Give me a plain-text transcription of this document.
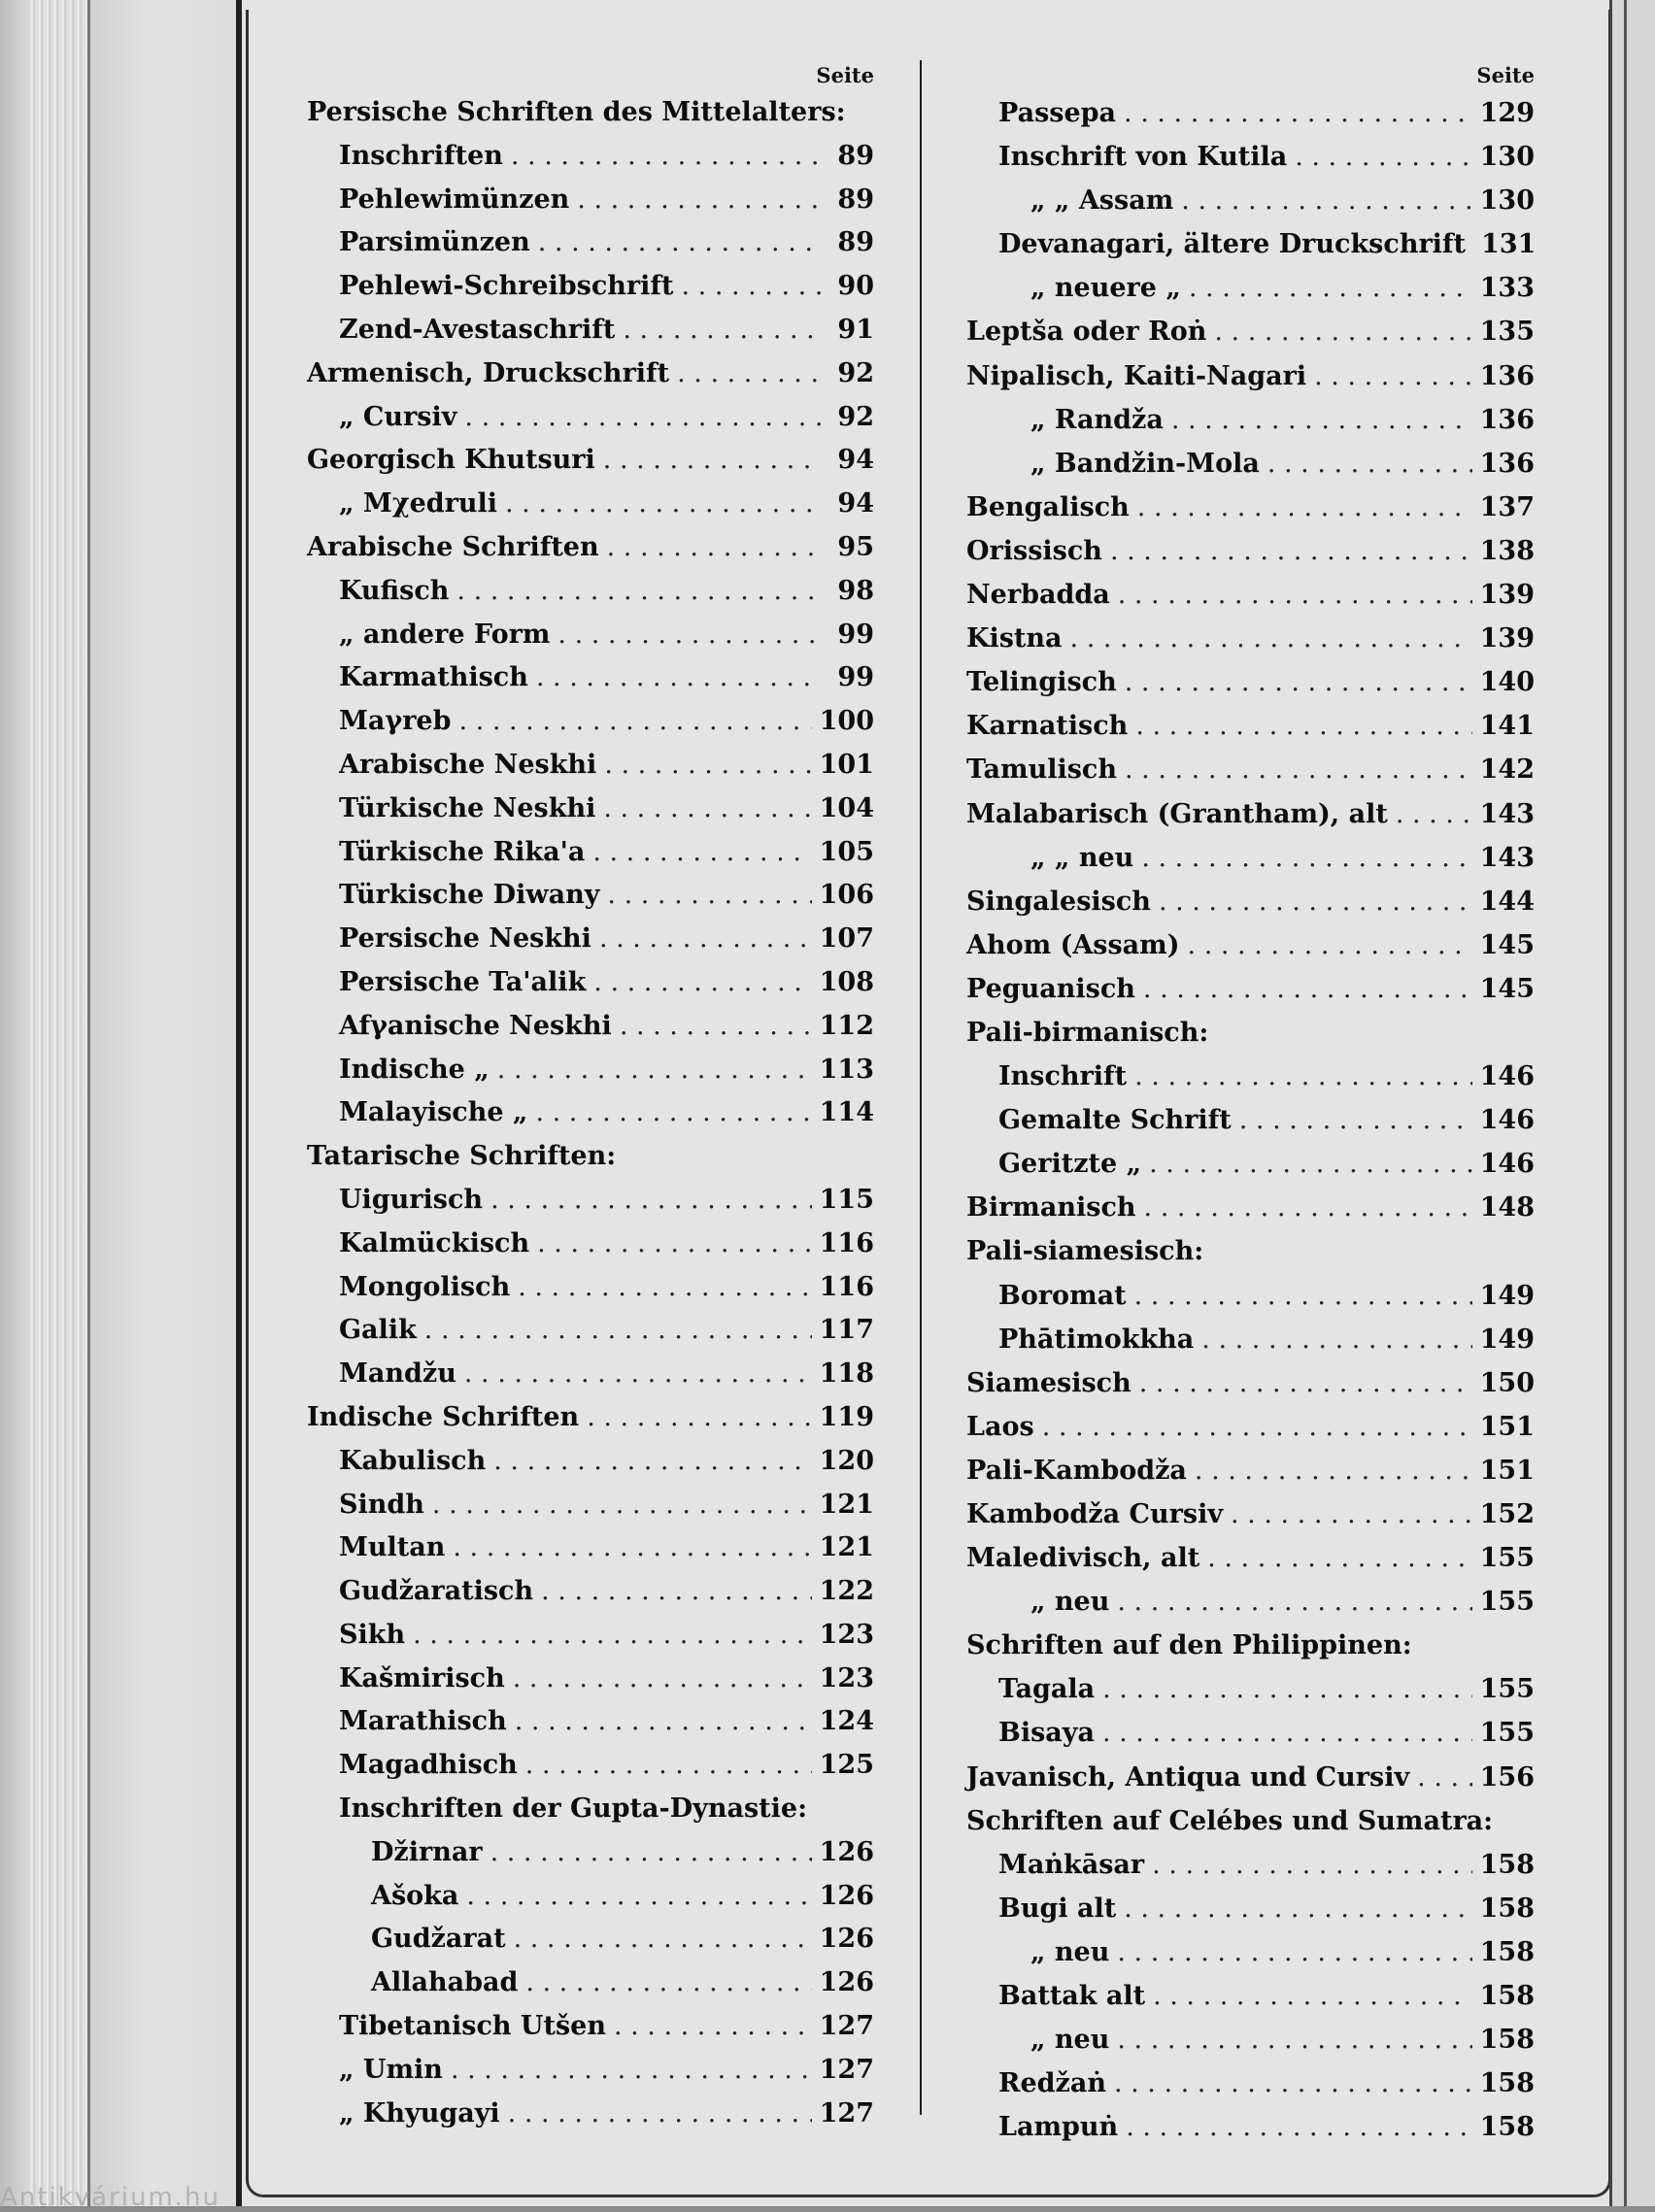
Seite
Persische Schriften des Mittelalters:
Inschriften . . .	89
Pehlewimünzen . . .	89
Parsimünzen . . .	89
Pehlewi-Schreibschrift . . .	90
Zend-Avestaschrift . . .	91
Armenisch, Druckschrift . . .	92
„ Cursiv . . .	92
Georgisch Khutsuri . . .	94
„ Mχedruli . . .	94
Arabische Schriften . . .	95
Kufisch . . .	98
„ andere Form . . .	99
Karmathisch . . .	99
Maγreb . . .	100
Arabische Neskhi . . .	101
Türkische Neskhi . . .	104
Türkische Rika'a . . .	105
Türkische Diwany . . .	106
Persische Neskhi . . .	107
Persische Ta'alik . . .	108
Afγanische Neskhi . . .	112
Indische „ . . .	113
Malayische „ . . .	114
Tatarische Schriften:
Uigurisch . . .	115
Kalmückisch . . .	116
Mongolisch . . .	116
Galik . . .	117
Mandžu . . .	118
Indische Schriften . . .	119
Kabulisch . . .	120
Sindh . . .	121
Multan . . .	121
Gudžaratisch . . .	122
Sikh . . .	123
Kašmirisch . . .	123
Marathisch . . .	124
Magadhisch . . .	125
Inschriften der Gupta-Dynastie:
Džirnar . . .	126
Ašoka . . .	126
Gudžarat . . .	126
Allahabad . . .	126
Tibetanisch Utšen . . .	127
„ Umin . . .	127
„ Khyugayi . . .	127
Seite
Passepa . . .	129
Inschrift von Kutila . . .	130
„ „ Assam . . .	130
Devanagari, ältere Druckschrift 131
„ neuere „ . . .	133
Leptša oder Roṅ . . .	135
Nipalisch, Kaiti-Nagari . . .	136
„ Randža . . .	136
„ Bandžin-Mola . . .	136
Bengalisch . . .	137
Orissisch . . .	138
Nerbadda . . .	139
Kistna . . .	139
Telingisch . . .	140
Karnatisch . . .	141
Tamulisch . . .	142
Malabarisch (Grantham), alt . . .	143
„ „ neu . . .	143
Singalesisch . . .	144
Ahom (Assam) . . .	145
Peguanisch . . .	145
Pali-birmanisch:
Inschrift . . .	146
Gemalte Schrift . . .	146
Geritzte „ . . .	146
Birmanisch . . .	148
Pali-siamesisch:
Boromat . . .	149
Phātimokkha . . .	149
Siamesisch . . .	150
Laos . . .	151
Pali-Kambodža . . .	151
Kambodža Cursiv . . .	152
Maledivisch, alt . . .	155
„ neu . . .	155
Schriften auf den Philippinen:
Tagala . . .	155
Bisaya . . .	155
Javanisch, Antiqua und Cursiv . . .	156
Schriften auf Celébes und Sumatra:
Maṅkāsar . . .	158
Bugi alt . . .	158
„ neu . . .	158
Battak alt . . .	158
„ neu . . .	158
Redžaṅ . . .	158
Lampuṅ . . .	158
Antikvárium.hu
